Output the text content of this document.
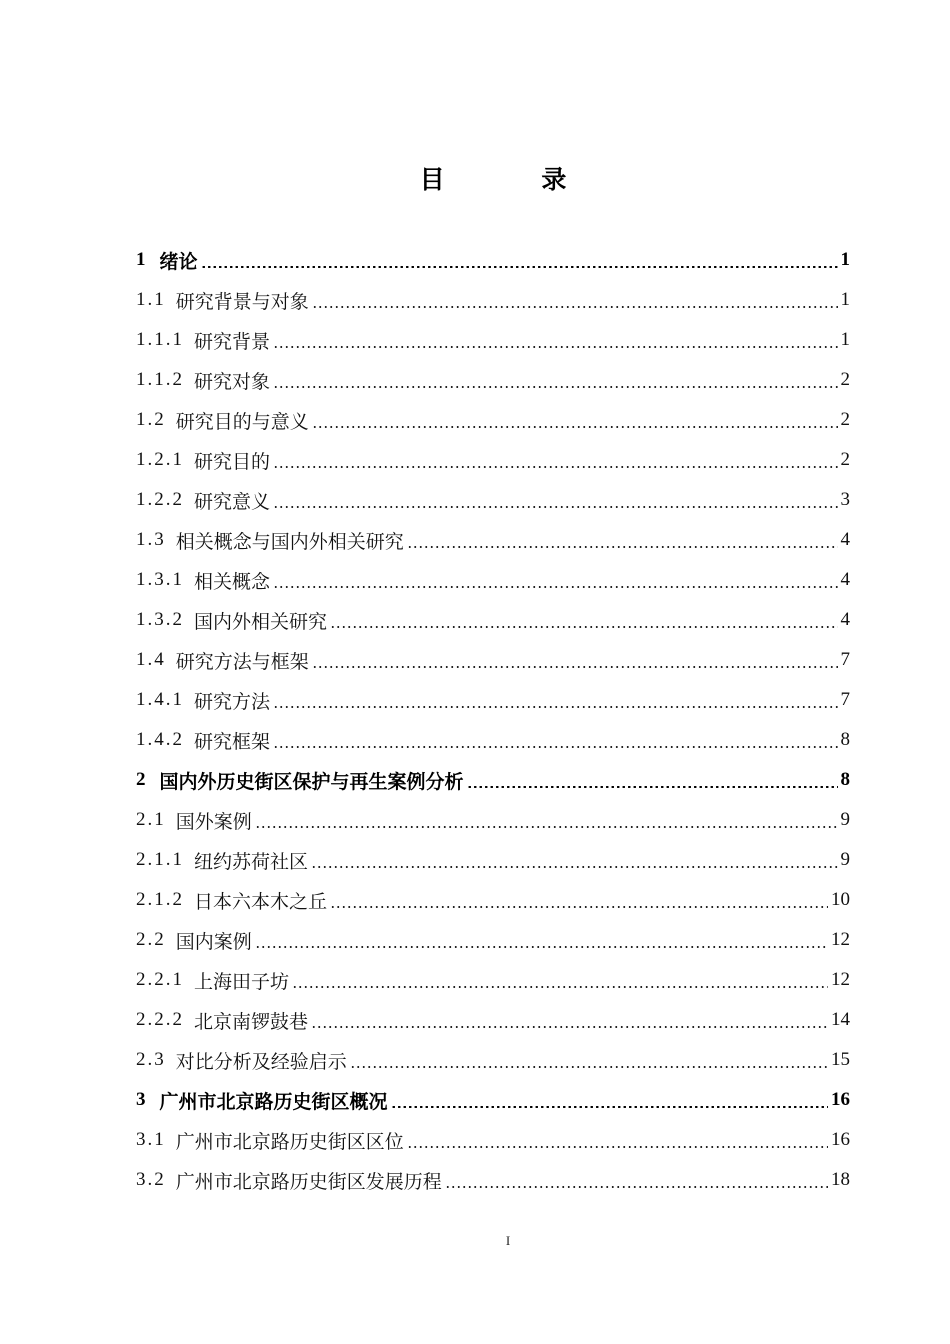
目 录
1 绪论	1
1.1 研究背景与对象	1
1.1.1 研究背景	1
1.1.2 研究对象	2
1.2 研究目的与意义	2
1.2.1 研究目的	2
1.2.2 研究意义	3
1.3 相关概念与国内外相关研究	4
1.3.1 相关概念	4
1.3.2 国内外相关研究	4
1.4 研究方法与框架	7
1.4.1 研究方法	7
1.4.2 研究框架	8
2 国内外历史街区保护与再生案例分析	8
2.1 国外案例	9
2.1.1 纽约苏荷社区	9
2.1.2 日本六本木之丘	10
2.2 国内案例	12
2.2.1 上海田子坊	12
2.2.2 北京南锣鼓巷	14
2.3 对比分析及经验启示	15
3 广州市北京路历史街区概况	16
3.1 广州市北京路历史街区区位	16
3.2 广州市北京路历史街区发展历程	18
I
